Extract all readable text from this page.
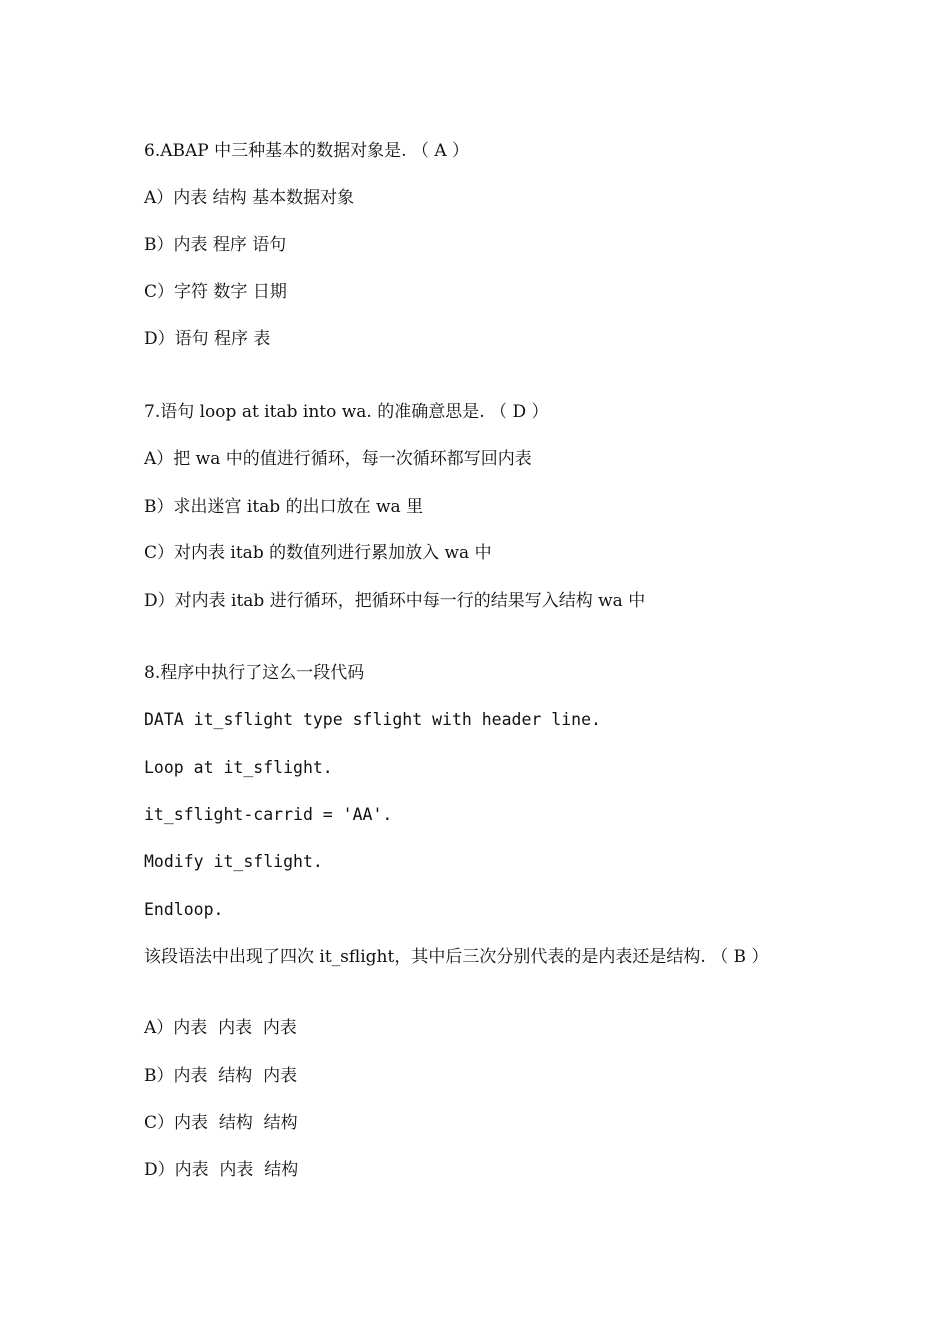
6.ABAP 中三种基本的数据对象是. （ A ）
A）内表 结构 基本数据对象
B）内表 程序 语句
C）字符 数字 日期
D）语句 程序 表
7.语句 loop at itab into wa. 的准确意思是. （ D ）
A）把 wa 中的值进行循环，每一次循环都写回内表
B）求出迷宫 itab 的出口放在 wa 里
C）对内表 itab 的数值列进行累加放入 wa 中
D）对内表 itab 进行循环，把循环中每一行的结果写入结构 wa 中
8.程序中执行了这么一段代码
DATA it_sflight type sflight with header line.
Loop at it_sflight.
it_sflight-carrid = 'AA'.
Modify it_sflight.
Endloop.
该段语法中出现了四次 it_sflight，其中后三次分别代表的是内表还是结构. （ B ）
A）内表  内表  内表
B）内表  结构  内表
C）内表  结构  结构
D）内表  内表  结构
